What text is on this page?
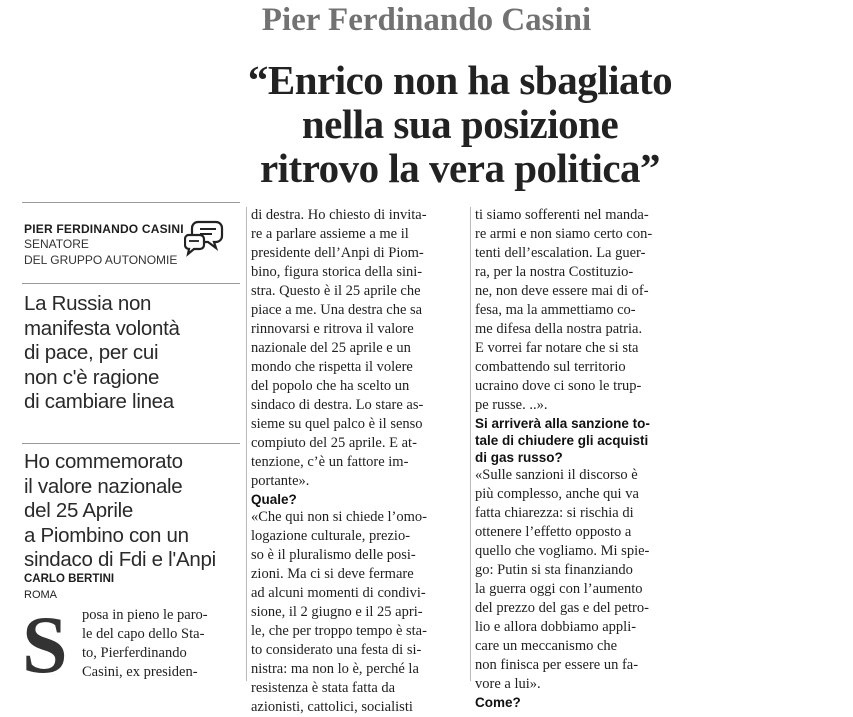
Pier Ferdinando Casini
“Enrico non ha sbagliato
nella sua posizione
ritrovo la vera politica”
PIER FERDINANDO CASINI
SENATORE
DEL GRUPPO AUTONOMIE
La Russia non
manifesta volontà
di pace, per cui
non c'è ragione
di cambiare linea
Ho commemorato
il valore nazionale
del 25 Aprile
a Piombino con un
sindaco di Fdi e l'Anpi
CARLO BERTINI
ROMA
S posa in pieno le paro-
le del capo dello Sta-
to, Pierferdinando
Casini, ex presiden-
di destra. Ho chiesto di invita-
re a parlare assieme a me il
presidente dell’Anpi di Piom-
bino, figura storica della sini-
stra. Questo è il 25 aprile che
piace a me. Una destra che sa
rinnovarsi e ritrova il valore
nazionale del 25 aprile e un
mondo che rispetta il volere
del popolo che ha scelto un
sindaco di destra. Lo stare as-
sieme su quel palco è il senso
compiuto del 25 aprile. E at-
tenzione, c’è un fattore im-
portante».
Quale?
«Che qui non si chiede l’omo-
logazione culturale, prezio-
so è il pluralismo delle posi-
zioni. Ma ci si deve fermare
ad alcuni momenti di condivi-
sione, il 2 giugno e il 25 apri-
le, che per troppo tempo è sta-
to considerato una festa di si-
nistra: ma non lo è, perché la
resistenza è stata fatta da
azionisti, cattolici, socialisti
ti siamo sofferenti nel manda-
re armi e non siamo certo con-
tenti dell’escalation. La guer-
ra, per la nostra Costituzio-
ne, non deve essere mai di of-
fesa, ma la ammettiamo co-
me difesa della nostra patria.
E vorrei far notare che si sta
combattendo sul territorio
ucraino dove ci sono le trup-
pe russe. ..».
Si arriverà alla sanzione to-
tale di chiudere gli acquisti
di gas russo?
«Sulle sanzioni il discorso è
più complesso, anche qui va
fatta chiarezza: si rischia di
ottenere l’effetto opposto a
quello che vogliamo. Mi spie-
go: Putin si sta finanziando
la guerra oggi con l’aumento
del prezzo del gas e del petro-
lio e allora dobbiamo appli-
care un meccanismo che
non finisca per essere un fa-
vore a lui».
Come?
